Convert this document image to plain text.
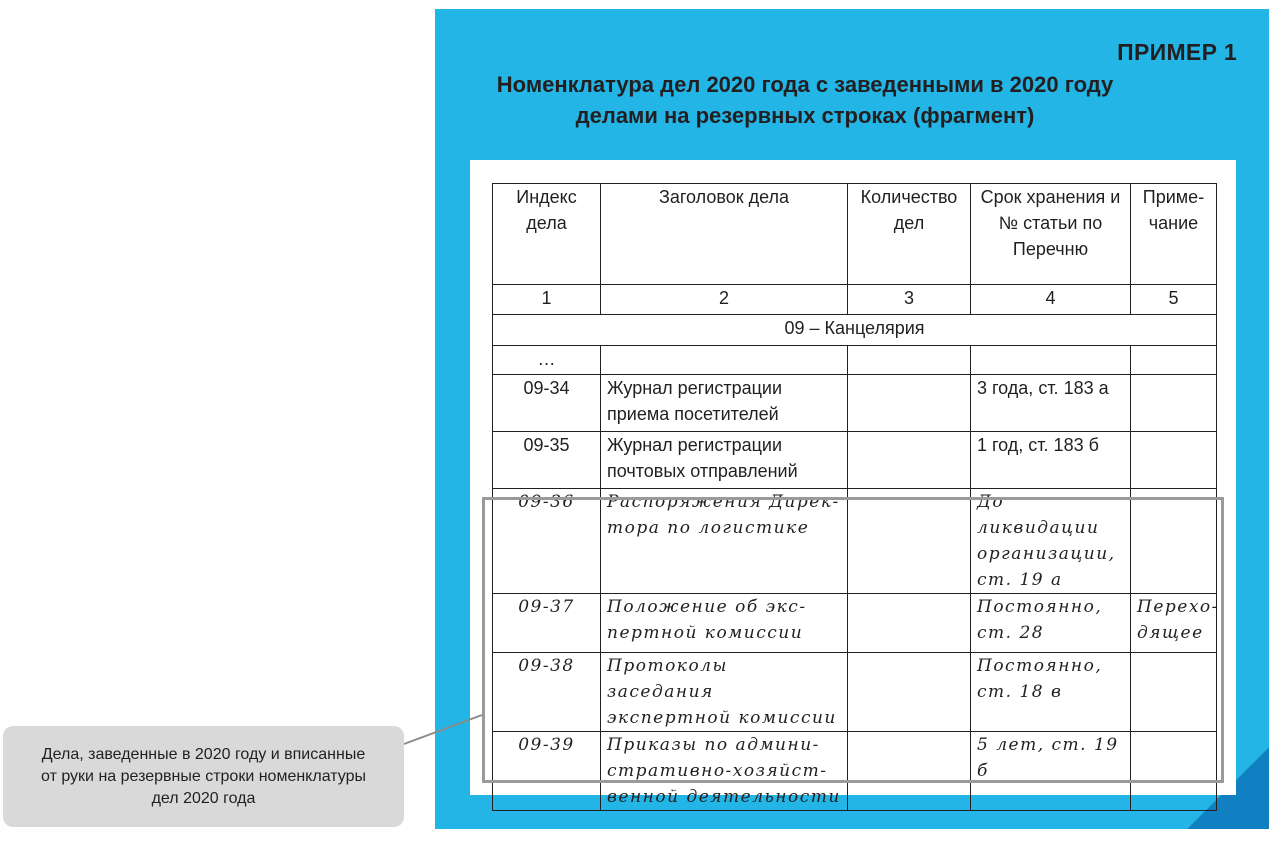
ПРИМЕР 1
Номенклатура дел 2020 года с заведенными в 2020 году делами на резервных строках (фрагмент)
Индекс дела	Заголовок дела	Количество дел	Срок хранения и № статьи по Перечню	Примечание
1	2	3	4	5
09 – Канцелярия				
…				
09-34	Журнал регистрации приема посетителей		3 года, ст. 183 а	
09-35	Журнал регистрации почтовых отправлений		1 год, ст. 183 б	
09-36	Распоряжения Директора по логистике		До ликвидации организации, ст. 19 а	
09-37	Положение об экспертной комиссии		Постоянно, ст. 28	Переходящее
09-38	Протоколы заседания экспертной комиссии		Постоянно, ст. 18 в	
09-39	Приказы по административно-хозяйственной деятельности		5 лет, ст. 19 б	
Дела, заведенные в 2020 году и вписанные от руки на резервные строки номенклатуры дел 2020 года
